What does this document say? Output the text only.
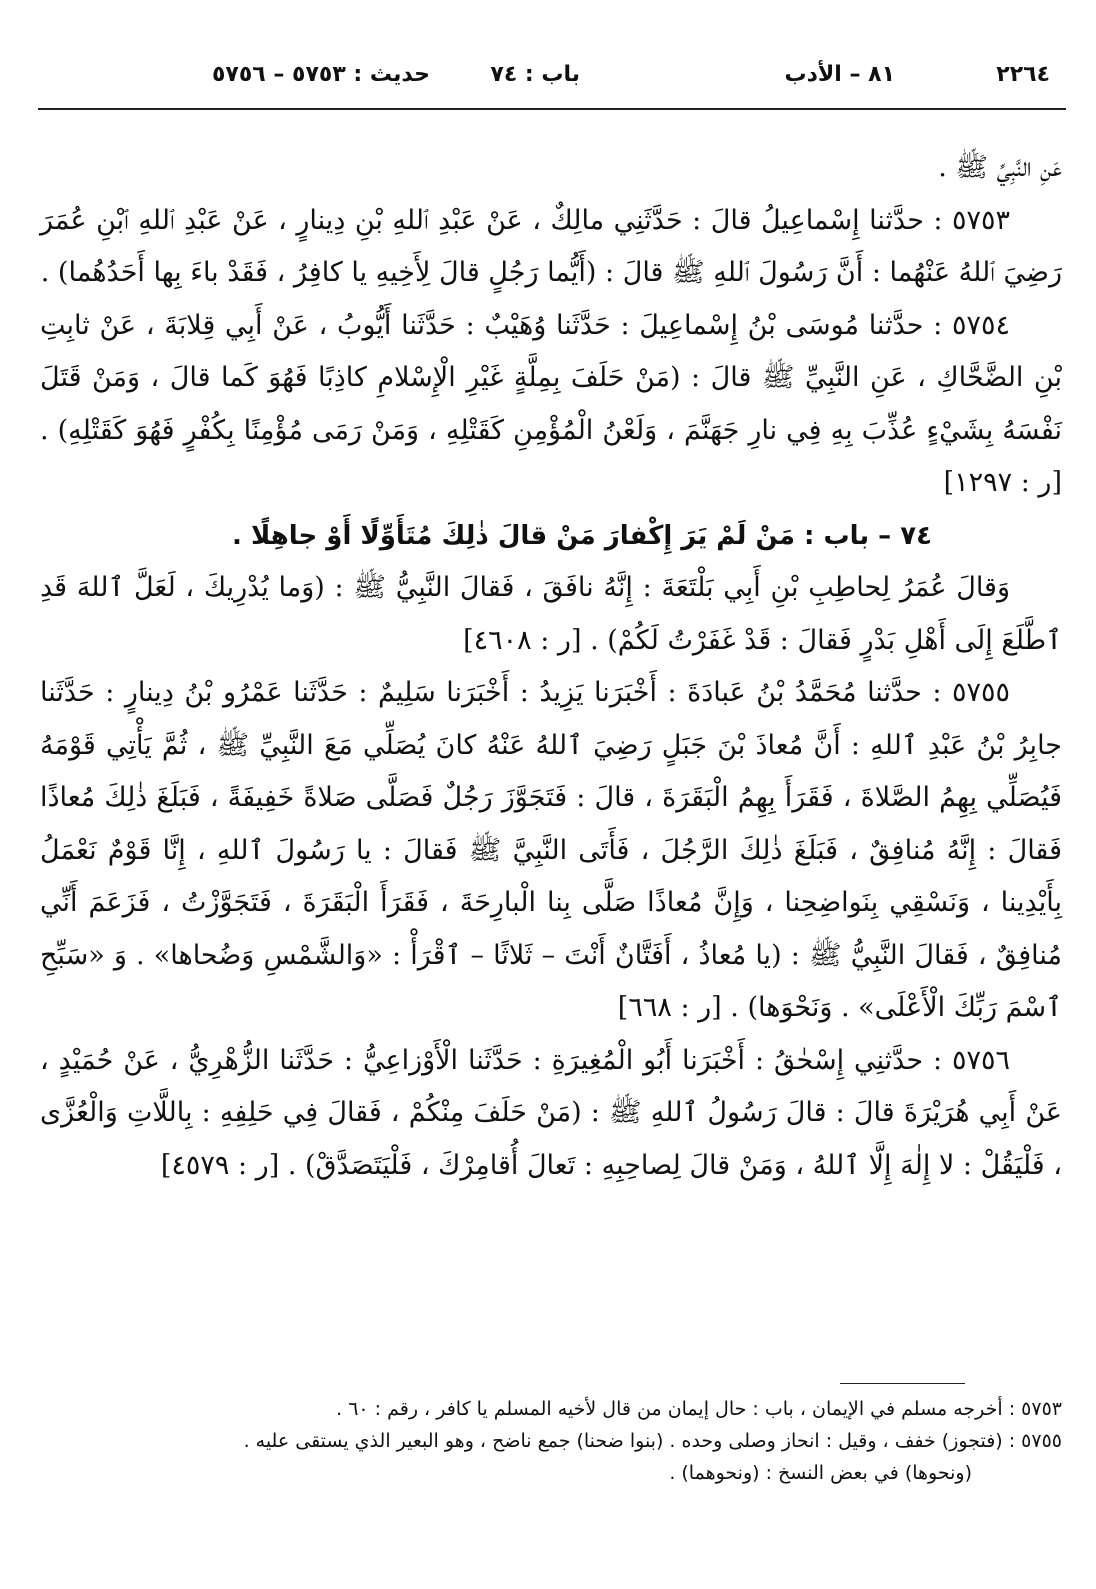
٢٢٦٤
٨١ – الأدب
باب : ٧٤
حديث : ٥٧٥٣ – ٥٧٥٦

عَنِ النَّبِيِّ ﷺ .

٥٧٥٣ : حدَّثنا إِسْماعِيلُ قالَ : حَدَّثَنِي مالِكٌ ، عَنْ عَبْدِ ٱللهِ بْنِ دِينارٍ ، عَنْ عَبْدِ ٱللهِ ٱبْنِ عُمَرَ رَضِيَ ٱللهُ عَنْهُما : أَنَّ رَسُولَ ٱللهِ ﷺ قالَ : (أَيُّما رَجُلٍ قالَ لِأَخِيهِ يا كافِرُ ، فَقَدْ باءَ بِها أَحَدُهُما) .

٥٧٥٤ : حدَّثنا مُوسَى بْنُ إِسْماعِيلَ : حَدَّثَنا وُهَيْبٌ : حَدَّثَنا أَيُّوبُ ، عَنْ أَبِي قِلابَةَ ، عَنْ ثابِتِ بْنِ الضَّحَّاكِ ، عَنِ النَّبِيِّ ﷺ قالَ : (مَنْ حَلَفَ بِمِلَّةٍ غَيْرِ الْإِسْلامِ كاذِبًا فَهُوَ كَما قالَ ، وَمَنْ قَتَلَ نَفْسَهُ بِشَيْءٍ عُذِّبَ بِهِ فِي نارِ جَهَنَّمَ ، وَلَعْنُ الْمُؤْمِنِ كَقَتْلِهِ ، وَمَنْ رَمَى مُؤْمِنًا بِكُفْرٍ فَهُوَ كَقَتْلِهِ) . [ر : ١٢٩٧]

٧٤ – باب : مَنْ لَمْ يَرَ إِكْفارَ مَنْ قالَ ذٰلِكَ مُتَأَوِّلًا أَوْ جاهِلًا .

وَقالَ عُمَرُ لِحاطِبِ بْنِ أَبِي بَلْتَعَةَ : إِنَّهُ نافَقَ ، فَقالَ النَّبِيُّ ﷺ : (وَما يُدْرِيكَ ، لَعَلَّ ٱللهَ قَدِ ٱطَّلَعَ إِلَى أَهْلِ بَدْرٍ فَقالَ : قَدْ غَفَرْتُ لَكُمْ) . [ر : ٤٦٠٨]

٥٧٥٥ : حدَّثنا مُحَمَّدُ بْنُ عَبادَةَ : أَخْبَرَنا يَزِيدُ : أَخْبَرَنا سَلِيمٌ : حَدَّثَنا عَمْرُو بْنُ دِينارٍ : حَدَّثَنا جابِرُ بْنُ عَبْدِ ٱللهِ : أَنَّ مُعاذَ بْنَ جَبَلٍ رَضِيَ ٱللهُ عَنْهُ كانَ يُصَلِّي مَعَ النَّبِيِّ ﷺ ، ثُمَّ يَأْتِي قَوْمَهُ فَيُصَلِّي بِهِمُ الصَّلاةَ ، فَقَرَأَ بِهِمُ الْبَقَرَةَ ، قالَ : فَتَجَوَّزَ رَجُلٌ فَصَلَّى صَلاةً خَفِيفَةً ، فَبَلَغَ ذٰلِكَ مُعاذًا فَقالَ : إِنَّهُ مُنافِقٌ ، فَبَلَغَ ذٰلِكَ الرَّجُلَ ، فَأَتَى النَّبِيَّ ﷺ فَقالَ : يا رَسُولَ ٱللهِ ، إِنَّا قَوْمٌ نَعْمَلُ بِأَيْدِينا ، وَنَسْقِي بِنَواضِحِنا ، وَإِنَّ مُعاذًا صَلَّى بِنا الْبارِحَةَ ، فَقَرَأَ الْبَقَرَةَ ، فَتَجَوَّزْتُ ، فَزَعَمَ أَنِّي مُنافِقٌ ، فَقالَ النَّبِيُّ ﷺ : (يا مُعاذُ ، أَفَتَّانٌ أَنْتَ – ثَلاثًا – ٱقْرَأْ : «وَالشَّمْسِ وَضُحاها» . وَ «سَبِّحِ ٱسْمَ رَبِّكَ الْأَعْلَى» . وَنَحْوَها) . [ر : ٦٦٨]

٥٧٥٦ : حدَّثنِي إِسْحٰقُ : أَخْبَرَنا أَبُو الْمُغِيرَةِ : حَدَّثَنا الْأَوْزاعِيُّ : حَدَّثَنا الزُّهْرِيُّ ، عَنْ حُمَيْدٍ ، عَنْ أَبِي هُرَيْرَةَ قالَ : قالَ رَسُولُ ٱللهِ ﷺ : (مَنْ حَلَفَ مِنْكُمْ ، فَقالَ فِي حَلِفِهِ : بِاللَّاتِ وَالْعُزَّى ، فَلْيَقُلْ : لا إِلٰهَ إِلَّا ٱللهُ ، وَمَنْ قالَ لِصاحِبِهِ : تَعالَ أُقامِرْكَ ، فَلْيَتَصَدَّقْ) . [ر : ٤٥٧٩]

٥٧٥٣ : أخرجه مسلم في الإيمان ، باب : حال إيمان من قال لأخيه المسلم يا كافر ، رقم : ٦٠ .

٥٧٥٥ : (فتجوز) خفف ، وقيل : انحاز وصلى وحده . (بنوا ضحنا) جمع ناضح ، وهو البعير الذي يستقى عليه .

(ونحوها) في بعض النسخ : (ونحوهما) .
